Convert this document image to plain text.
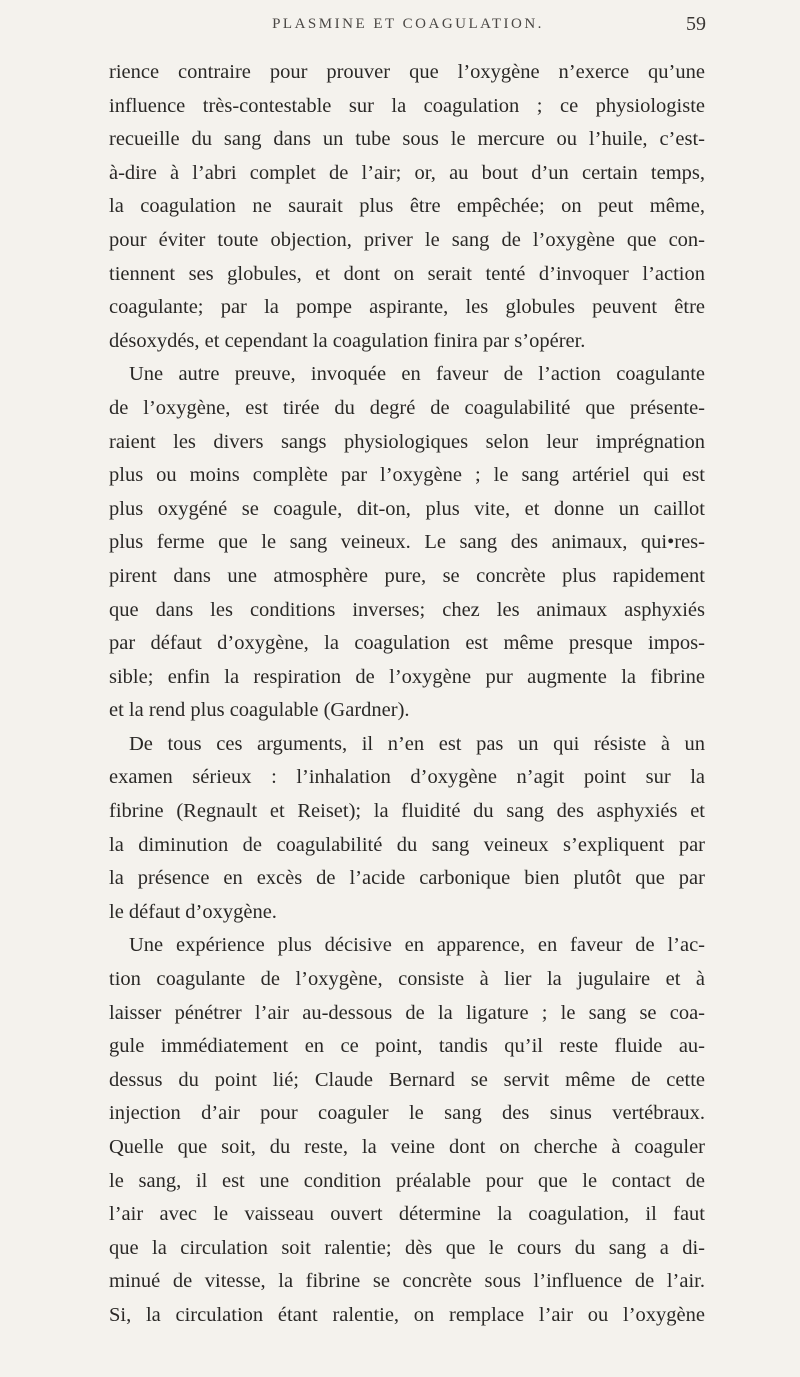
PLASMINE ET COAGULATION.	59
rience contraire pour prouver que l’oxygène n’exerce qu’une
influence très-contestable sur la coagulation ; ce physiologiste
recueille du sang dans un tube sous le mercure ou l’huile, c’est-
à-dire à l’abri complet de l’air; or, au bout d’un certain temps,
la coagulation ne saurait plus être empêchée; on peut même,
pour éviter toute objection, priver le sang de l’oxygène que con-
tiennent ses globules, et dont on serait tenté d’invoquer l’action
coagulante; par la pompe aspirante, les globules peuvent être
désoxydés, et cependant la coagulation finira par s’opérer.
Une autre preuve, invoquée en faveur de l’action coagulante
de l’oxygène, est tirée du degré de coagulabilité que présente-
raient les divers sangs physiologiques selon leur imprégnation
plus ou moins complète par l’oxygène ; le sang artériel qui est
plus oxygéné se coagule, dit-on, plus vite, et donne un caillot
plus ferme que le sang veineux. Le sang des animaux, qui•res-
pirent dans une atmosphère pure, se concrète plus rapidement
que dans les conditions inverses; chez les animaux asphyxiés
par défaut d’oxygène, la coagulation est même presque impos-
sible; enfin la respiration de l’oxygène pur augmente la fibrine
et la rend plus coagulable (Gardner).
De tous ces arguments, il n’en est pas un qui résiste à un
examen sérieux : l’inhalation d’oxygène n’agit point sur la
fibrine (Regnault et Reiset); la fluidité du sang des asphyxiés et
la diminution de coagulabilité du sang veineux s’expliquent par
la présence en excès de l’acide carbonique bien plutôt que par
le défaut d’oxygène.
Une expérience plus décisive en apparence, en faveur de l’ac-
tion coagulante de l’oxygène, consiste à lier la jugulaire et à
laisser pénétrer l’air au-dessous de la ligature ; le sang se coa-
gule immédiatement en ce point, tandis qu’il reste fluide au-
dessus du point lié; Claude Bernard se servit même de cette
injection d’air pour coaguler le sang des sinus vertébraux.
Quelle que soit, du reste, la veine dont on cherche à coaguler
le sang, il est une condition préalable pour que le contact de
l’air avec le vaisseau ouvert détermine la coagulation, il faut
que la circulation soit ralentie; dès que le cours du sang a di-
minué de vitesse, la fibrine se concrète sous l’influence de l’air.
Si, la circulation étant ralentie, on remplace l’air ou l’oxygène
